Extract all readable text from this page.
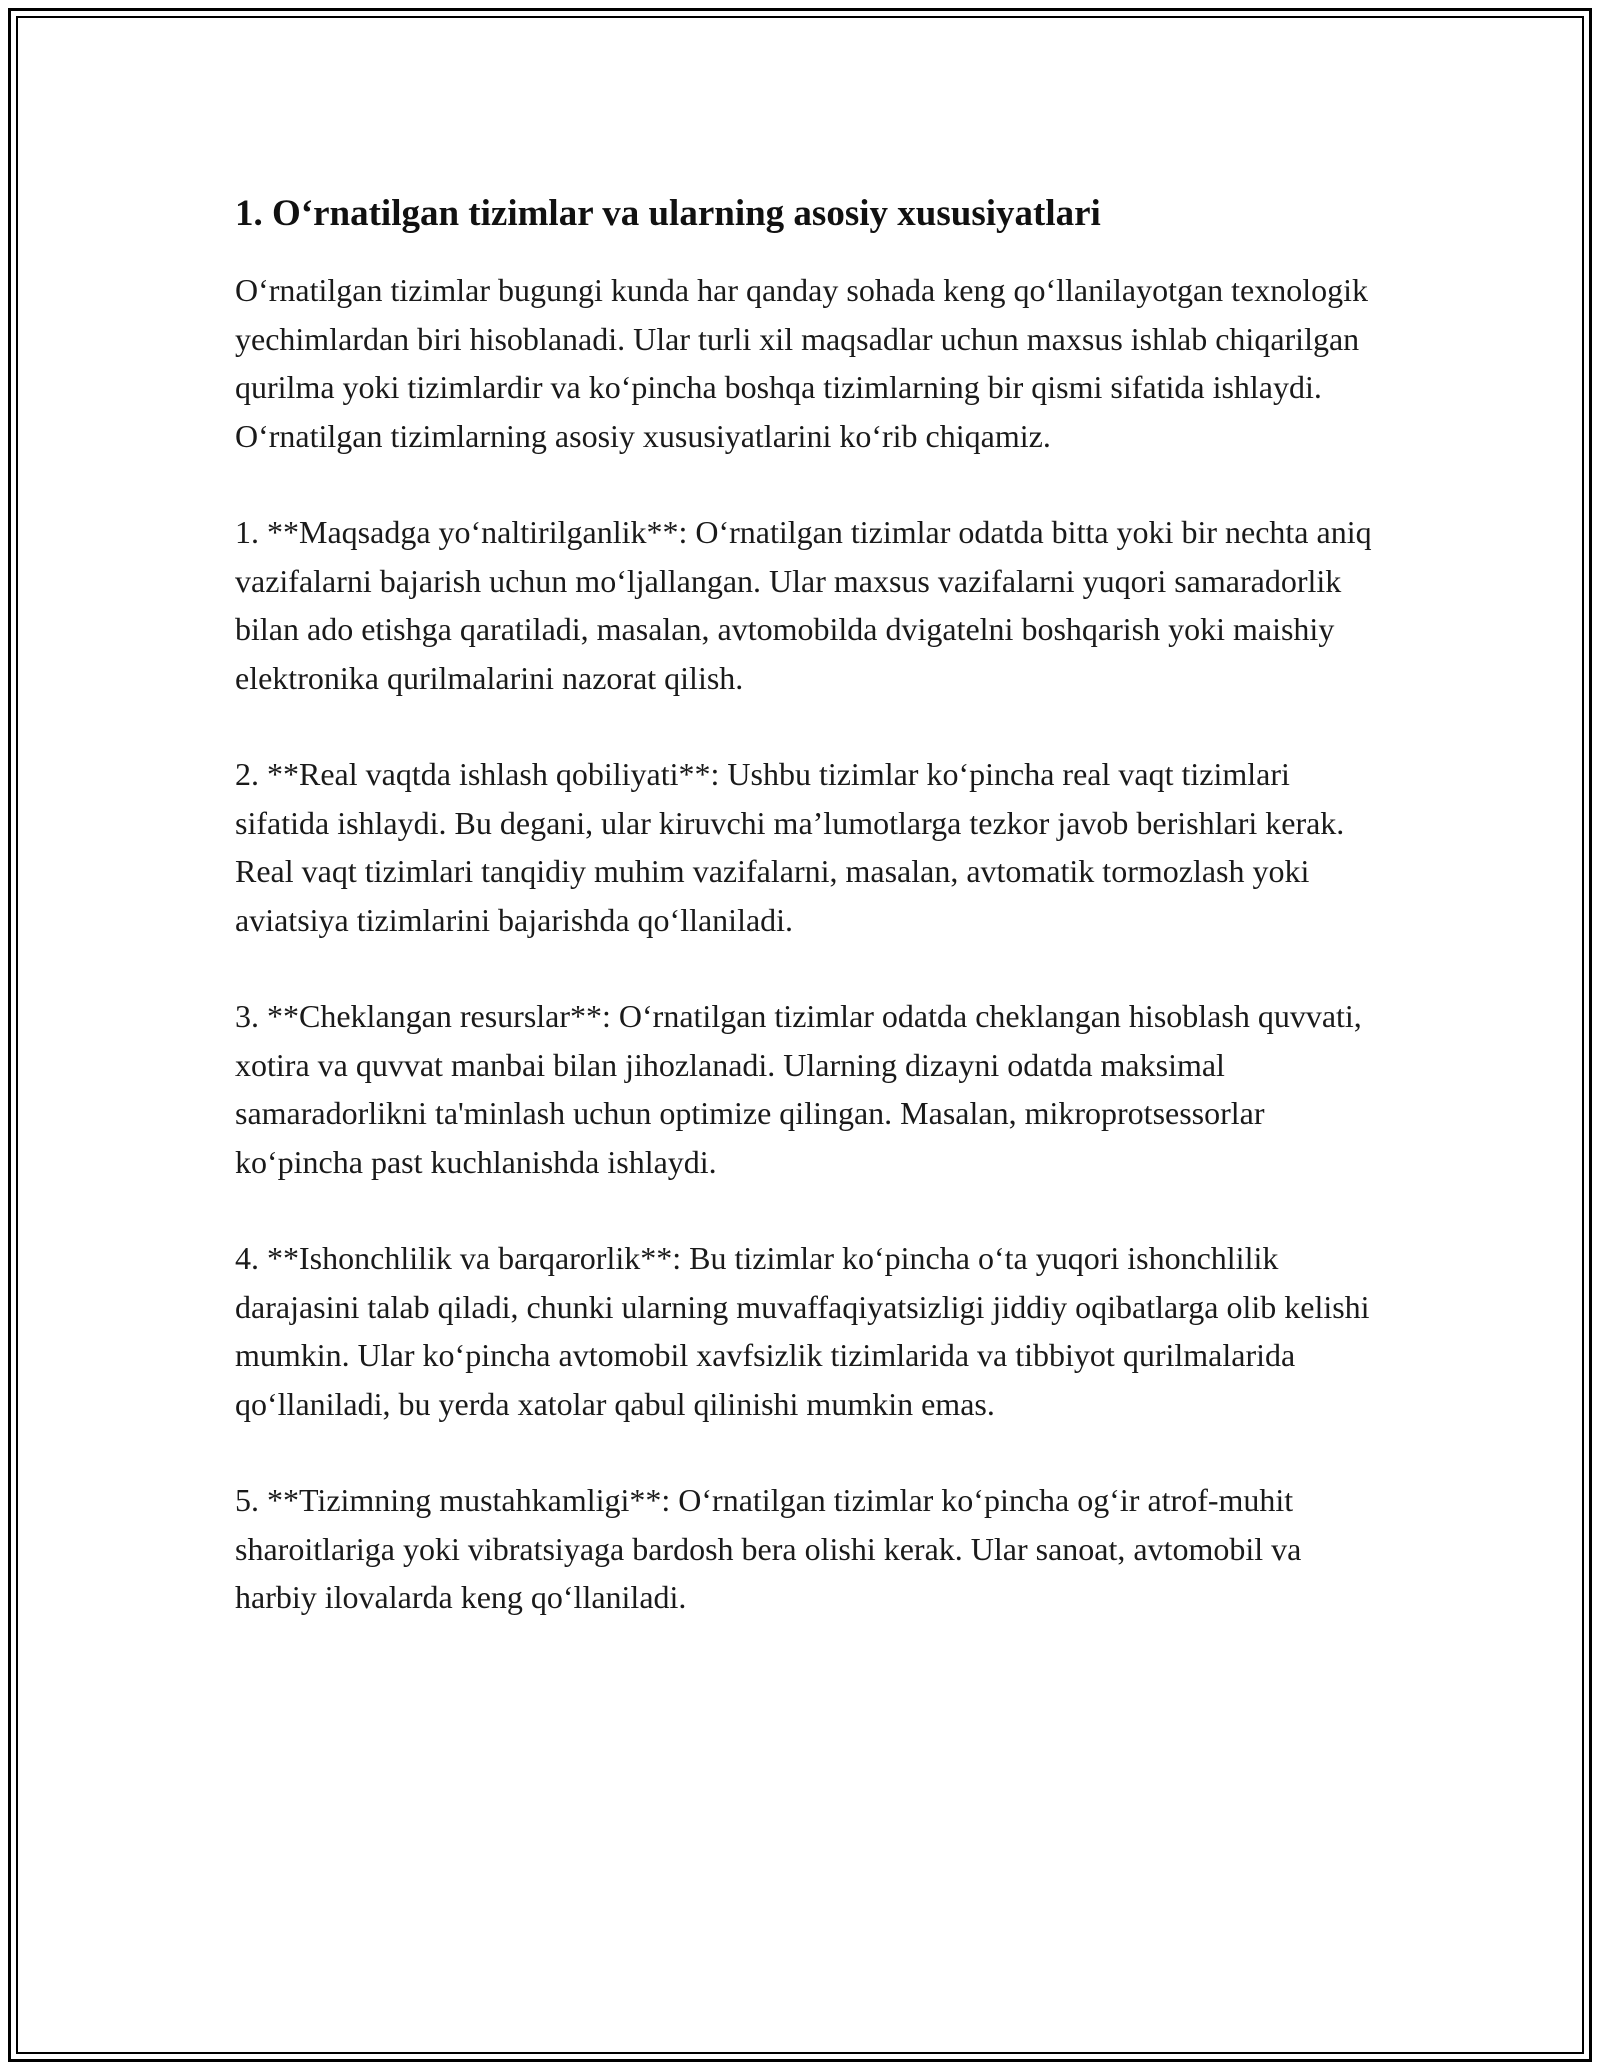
1. Oʻrnatilgan tizimlar va ularning asosiy xususiyatlari

Oʻrnatilgan tizimlar bugungi kunda har qanday sohada keng qoʻllanilayotgan texnologik yechimlardan biri hisoblanadi. Ular turli xil maqsadlar uchun maxsus ishlab chiqarilgan qurilma yoki tizimlardir va koʻpincha boshqa tizimlarning bir qismi sifatida ishlaydi. Oʻrnatilgan tizimlarning asosiy xususiyatlarini koʻrib chiqamiz.

1. **Maqsadga yoʻnaltirilganlik**: Oʻrnatilgan tizimlar odatda bitta yoki bir nechta aniq vazifalarni bajarish uchun moʻljallangan. Ular maxsus vazifalarni yuqori samaradorlik bilan ado etishga qaratiladi, masalan, avtomobilda dvigatelni boshqarish yoki maishiy elektronika qurilmalarini nazorat qilish.

2. **Real vaqtda ishlash qobiliyati**: Ushbu tizimlar koʻpincha real vaqt tizimlari sifatida ishlaydi. Bu degani, ular kiruvchi ma’lumotlarga tezkor javob berishlari kerak. Real vaqt tizimlari tanqidiy muhim vazifalarni, masalan, avtomatik tormozlash yoki aviatsiya tizimlarini bajarishda qoʻllaniladi.

3. **Cheklangan resurslar**: Oʻrnatilgan tizimlar odatda cheklangan hisoblash quvvati, xotira va quvvat manbai bilan jihozlanadi. Ularning dizayni odatda maksimal samaradorlikni ta'minlash uchun optimize qilingan. Masalan, mikroprotsessorlar koʻpincha past kuchlanishda ishlaydi.

4. **Ishonchlilik va barqarorlik**: Bu tizimlar koʻpincha oʻta yuqori ishonchlilik darajasini talab qiladi, chunki ularning muvaffaqiyatsizligi jiddiy oqibatlarga olib kelishi mumkin. Ular koʻpincha avtomobil xavfsizlik tizimlarida va tibbiyot qurilmalarida qoʻllaniladi, bu yerda xatolar qabul qilinishi mumkin emas.

5. **Tizimning mustahkamligi**: Oʻrnatilgan tizimlar koʻpincha ogʻir atrof-muhit sharoitlariga yoki vibratsiyaga bardosh bera olishi kerak. Ular sanoat, avtomobil va harbiy ilovalarda keng qoʻllaniladi.
